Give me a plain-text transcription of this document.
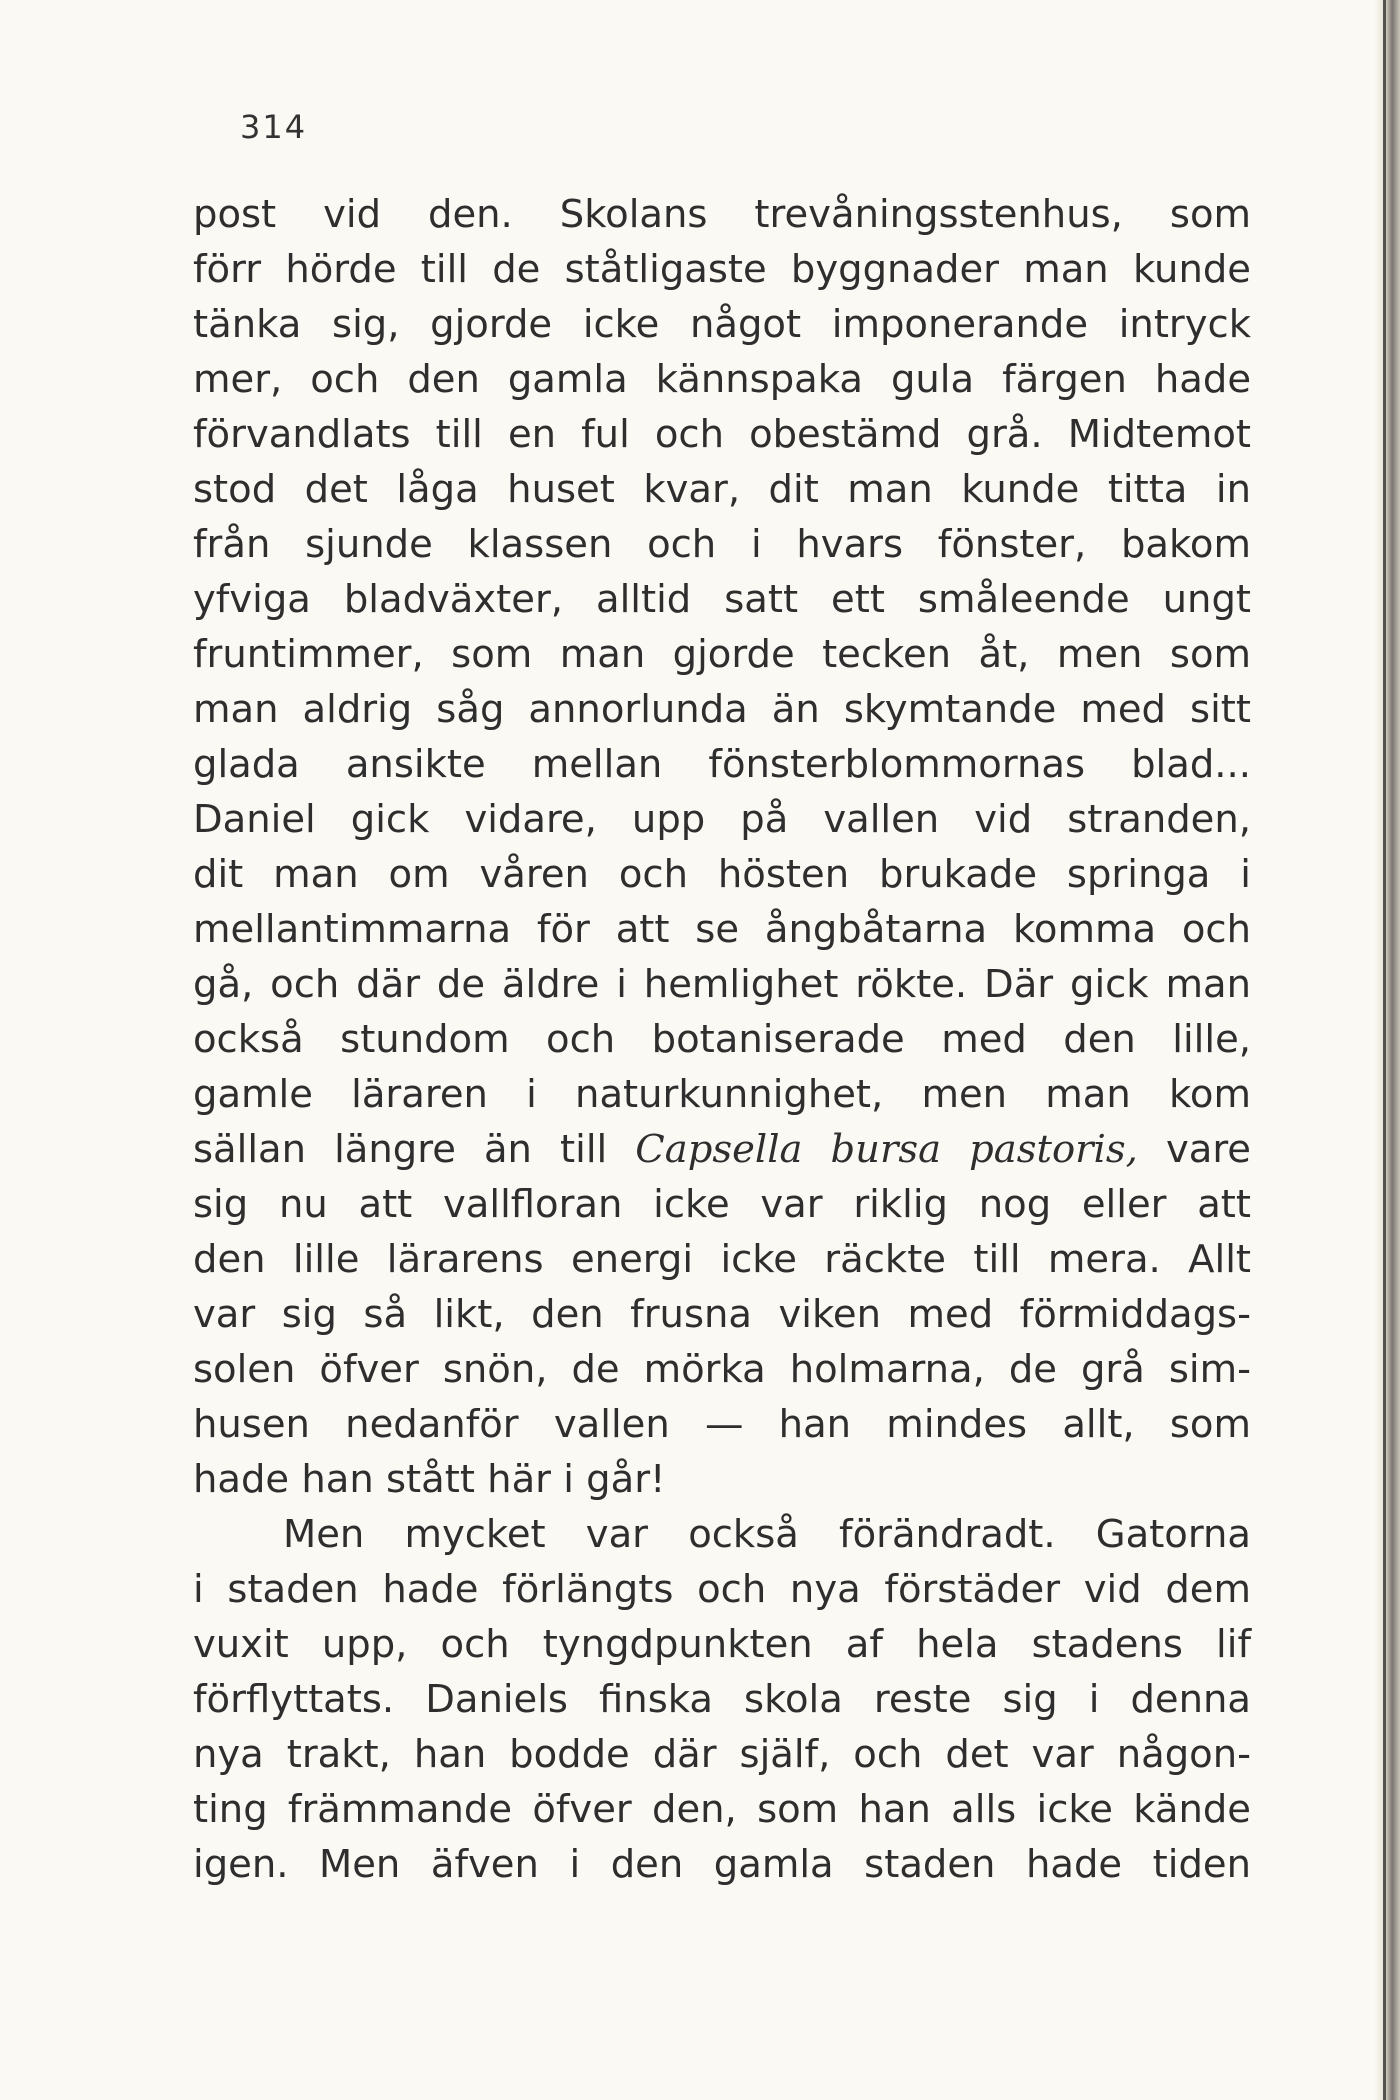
314
post vid den. Skolans trevåningsstenhus, som
förr hörde till de ståtligaste byggnader man kunde
tänka sig, gjorde icke något imponerande intryck
mer, och den gamla kännspaka gula färgen hade
förvandlats till en ful och obestämd grå. Midtemot
stod det låga huset kvar, dit man kunde titta in
från sjunde klassen och i hvars fönster, bakom
yfviga bladväxter, alltid satt ett småleende ungt
fruntimmer, som man gjorde tecken åt, men som
man aldrig såg annorlunda än skymtande med sitt
glada ansikte mellan fönsterblommornas blad...
Daniel gick vidare, upp på vallen vid stranden,
dit man om våren och hösten brukade springa i
mellantimmarna för att se ångbåtarna komma och
gå, och där de äldre i hemlighet rökte. Där gick man
också stundom och botaniserade med den lille,
gamle läraren i naturkunnighet, men man kom
sällan längre än till Capsella bursa pastoris, vare
sig nu att vallfloran icke var riklig nog eller att
den lille lärarens energi icke räckte till mera. Allt
var sig så likt, den frusna viken med förmiddags-
solen öfver snön, de mörka holmarna, de grå sim-
husen nedanför vallen — han mindes allt, som
hade han stått här i går!
Men mycket var också förändradt. Gatorna
i staden hade förlängts och nya förstäder vid dem
vuxit upp, och tyngdpunkten af hela stadens lif
förflyttats. Daniels finska skola reste sig i denna
nya trakt, han bodde där själf, och det var någon-
ting främmande öfver den, som han alls icke kände
igen. Men äfven i den gamla staden hade tiden
